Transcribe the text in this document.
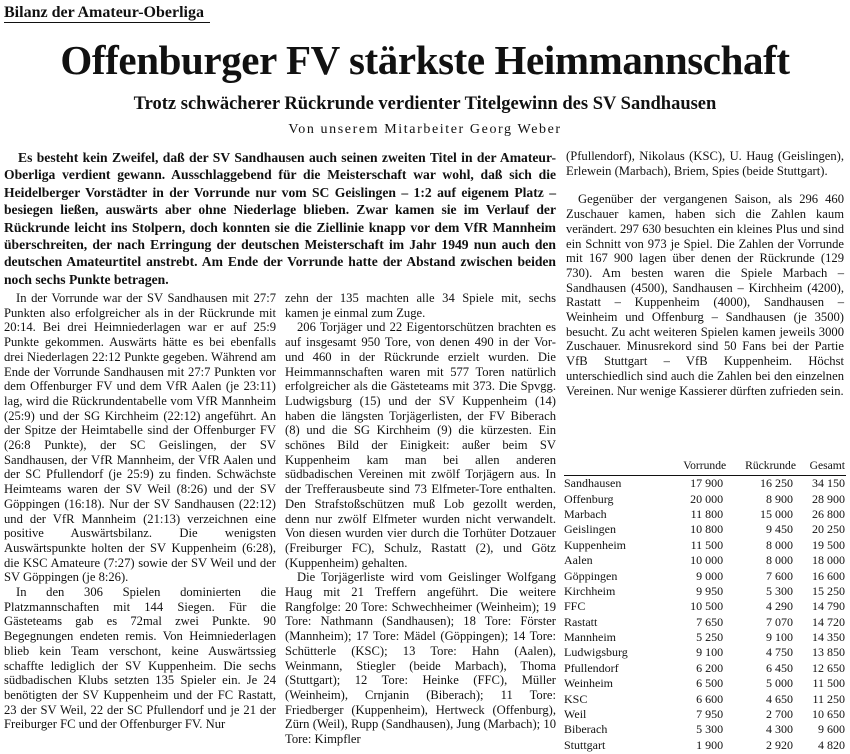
Bilanz der Amateur-Oberliga
Offenburger FV stärkste Heimmannschaft
Trotz schwächerer Rückrunde verdienter Titelgewinn des SV Sandhausen
Von unserem Mitarbeiter Georg Weber
Es besteht kein Zweifel, daß der SV Sandhausen auch seinen zweiten Titel in der Amateur-Oberliga verdient gewann. Ausschlaggebend für die Meisterschaft war wohl, daß sich die Heidelberger Vorstädter in der Vorrunde nur vom SC Geislingen – 1:2 auf eigenem Platz – besiegen ließen, auswärts aber ohne Niederlage blieben. Zwar kamen sie im Verlauf der Rückrunde leicht ins Stolpern, doch konnten sie die Ziellinie knapp vor dem VfR Mannheim überschreiten, der nach Erringung der deutschen Meisterschaft im Jahr 1949 nun auch den deutschen Amateurtitel anstrebt. Am Ende der Vorrunde hatte der Abstand zwischen beiden noch sechs Punkte betragen.

In der Vorrunde war der SV Sandhausen mit 27:7 Punkten also erfolgreicher als in der Rückrunde mit 20:14. Bei drei Heimniederlagen war er auf 25:9 Punkte gekommen. Auswärts hätte es bei ebenfalls drei Niederlagen 22:12 Punkte gegeben. Während am Ende der Vorrunde Sandhausen mit 27:7 Punkten vor dem Offenburger FV und dem VfR Aalen (je 23:11) lag, wird die Rückrundentabelle vom VfR Mannheim (25:9) und der SG Kirchheim (22:12) angeführt. An der Spitze der Heimtabelle sind der Offenburger FV (26:8 Punkte), der SC Geislingen, der SV Sandhausen, der VfR Mannheim, der VfR Aalen und der SC Pfullendorf (je 25:9) zu finden. Schwächste Heimteams waren der SV Weil (8:26) und der SV Göppingen (16:18). Nur der SV Sandhausen (22:12) und der VfR Mannheim (21:13) verzeichnen eine positive Auswärtsbilanz. Die wenigsten Auswärtspunkte holten der SV Kuppenheim (6:28), die KSC Amateure (7:27) sowie der SV Weil und der SV Göppingen (je 8:26).

In den 306 Spielen dominierten die Platzmannschaften mit 144 Siegen. Für die Gästeteams gab es 72mal zwei Punkte. 90 Begegnungen endeten remis. Von Heimniederlagen blieb kein Team verschont, keine Auswärtssieg schaffte lediglich der SV Kuppenheim. Die sechs südbadischen Klubs setzten 135 Spieler ein. Je 24 benötigten der SV Kuppenheim und der FC Rastatt, 23 der SV Weil, 22 der SC Pfullendorf und je 21 der Freiburger FC und der Offenburger FV. Nur

zehn der 135 machten alle 34 Spiele mit, sechs kamen je einmal zum Zuge.

206 Torjäger und 22 Eigentorschützen brachten es auf insgesamt 950 Tore, von denen 490 in der Vor- und 460 in der Rückrunde erzielt wurden. Die Heimmannschaften waren mit 577 Toren natürlich erfolgreicher als die Gästeteams mit 373. Die Spvgg. Ludwigsburg (15) und der SV Kuppenheim (14) haben die längsten Torjägerlisten, der FV Biberach (8) und die SG Kirchheim (9) die kürzesten. Ein schönes Bild der Einigkeit: außer beim SV Kuppenheim kam man bei allen anderen südbadischen Vereinen mit zwölf Torjägern aus. In der Trefferausbeute sind 73 Elfmeter-Tore enthalten. Den Strafstoßschützen muß Lob gezollt werden, denn nur zwölf Elfmeter wurden nicht verwandelt. Von diesen wurden vier durch die Torhüter Dotzauer (Freiburger FC), Schulz, Rastatt (2), und Götz (Kuppenheim) gehalten.

Die Torjägerliste wird vom Geislinger Wolfgang Haug mit 21 Treffern angeführt. Die weitere Rangfolge: 20 Tore: Schwechheimer (Weinheim); 19 Tore: Nathmann (Sandhausen); 18 Tore: Förster (Mannheim); 17 Tore: Mädel (Göppingen); 14 Tore: Schütterle (KSC); 13 Tore: Hahn (Aalen), Weinmann, Stiegler (beide Marbach), Thoma (Stuttgart); 12 Tore: Heinke (FFC), Müller (Weinheim), Crnjanin (Biberach); 11 Tore: Friedberger (Kuppenheim), Hertweck (Offenburg), Zürn (Weil), Rupp (Sandhausen), Jung (Marbach); 10 Tore: Kimpfler

(Pfullendorf), Nikolaus (KSC), U. Haug (Geislingen), Erlewein (Marbach), Briem, Spies (beide Stuttgart).

Gegenüber der vergangenen Saison, als 296 460 Zuschauer kamen, haben sich die Zahlen kaum verändert. 297 630 besuchten ein kleines Plus und sind ein Schnitt von 973 je Spiel. Die Zahlen der Vorrunde mit 167 900 lagen über denen der Rückrunde (129 730). Am besten waren die Spiele Marbach – Sandhausen (4500), Sandhausen – Kirchheim (4200), Rastatt – Kuppenheim (4000), Sandhausen – Weinheim und Offenburg – Sandhausen (je 3500) besucht. Zu acht weiteren Spielen kamen jeweils 3000 Zuschauer. Minusrekord sind 50 Fans bei der Partie VfB Stuttgart – VfB Kuppenheim. Höchst unterschiedlich sind auch die Zahlen bei den einzelnen Vereinen. Nur wenige Kassierer dürften zufrieden sein.

	Vorrunde	Rückrunde	Gesamt
Sandhausen	17 900	16 250	34 150
Offenburg	20 000	8 900	28 900
Marbach	11 800	15 000	26 800
Geislingen	10 800	9 450	20 250
Kuppenheim	11 500	8 000	19 500
Aalen	10 000	8 000	18 000
Göppingen	9 000	7 600	16 600
Kirchheim	9 950	5 300	15 250
FFC	10 500	4 290	14 790
Rastatt	7 650	7 070	14 720
Mannheim	5 250	9 100	14 350
Ludwigsburg	9 100	4 750	13 850
Pfullendorf	6 200	6 450	12 650
Weinheim	6 500	5 000	11 500
KSC	6 600	4 650	11 250
Weil	7 950	2 700	10 650
Biberach	5 300	4 300	9 600
Stuttgart	1 900	2 920	4 820
